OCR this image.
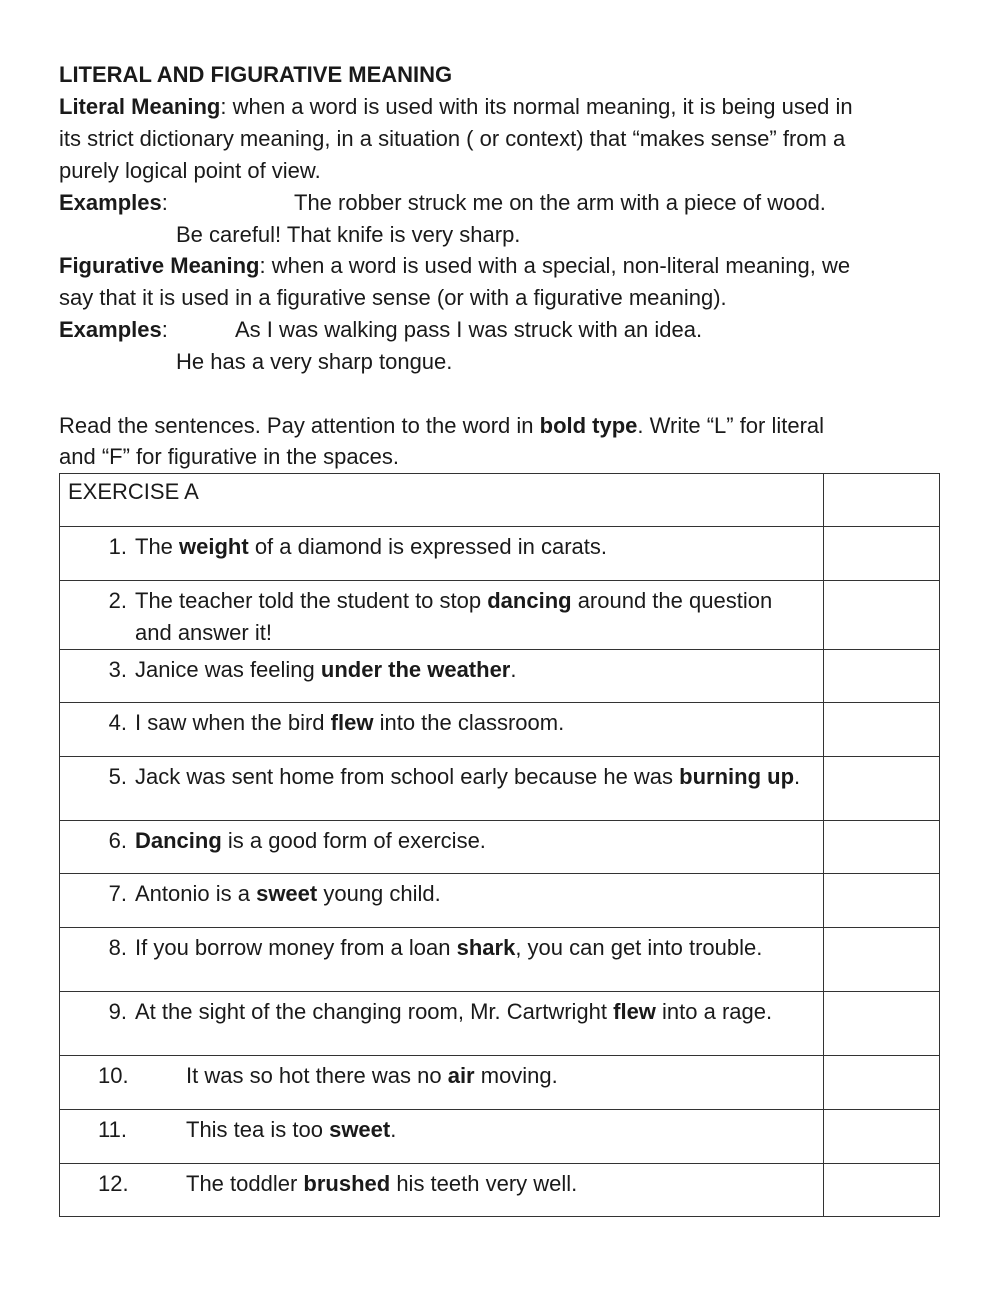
LITERAL AND FIGURATIVE MEANING
Literal Meaning: when a word is used with its normal meaning, it is being used in
its strict dictionary meaning, in a situation ( or context) that “makes sense” from a
purely logical point of view.
Examples:	The robber struck me on the arm with a piece of wood.
Be careful! That knife is very sharp.
Figurative Meaning: when a word is used with a special, non-literal meaning, we
say that it is used in a figurative sense (or with a figurative meaning).
Examples:	As I was walking pass I was struck with an idea.
He has a very sharp tongue.
Read the sentences. Pay attention to the word in bold type. Write “L” for literal
and “F” for figurative in the spaces.
EXERCISE A	

1. The weight of a diamond is expressed in carats.	

2. The teacher told the student to stop dancing around the question and answer it!	

3. Janice was feeling under the weather.	

4. I saw when the bird flew into the classroom.	

5. Jack was sent home from school early because he was burning up.	

6. Dancing is a good form of exercise.	

7. Antonio is a sweet young child.	

8. If you borrow money from a loan shark, you can get into trouble.	

9. At the sight of the changing room, Mr. Cartwright flew into a rage.	

10. It was so hot there was no air moving.	

11. This tea is too sweet.	

12. The toddler brushed his teeth very well.	
